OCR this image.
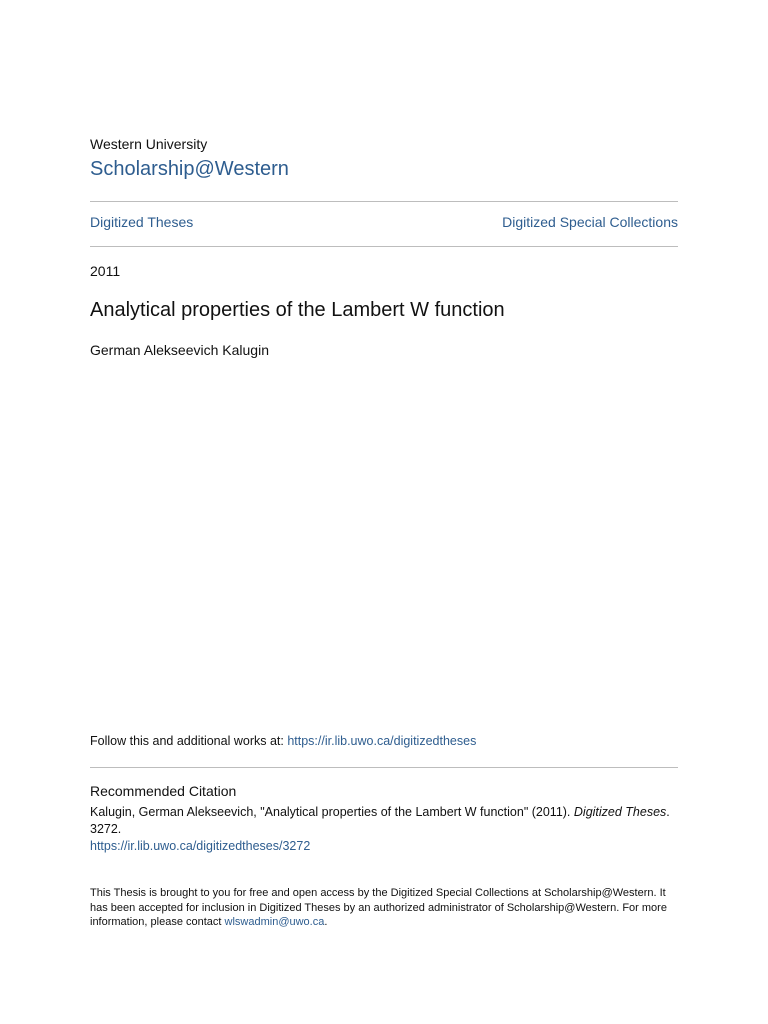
Western University
Scholarship@Western
Digitized Theses	Digitized Special Collections
2011
Analytical properties of the Lambert W function
German Alekseevich Kalugin
Follow this and additional works at: https://ir.lib.uwo.ca/digitizedtheses
Recommended Citation
Kalugin, German Alekseevich, "Analytical properties of the Lambert W function" (2011). Digitized Theses. 3272.
https://ir.lib.uwo.ca/digitizedtheses/3272
This Thesis is brought to you for free and open access by the Digitized Special Collections at Scholarship@Western. It has been accepted for inclusion in Digitized Theses by an authorized administrator of Scholarship@Western. For more information, please contact wlswadmin@uwo.ca.
